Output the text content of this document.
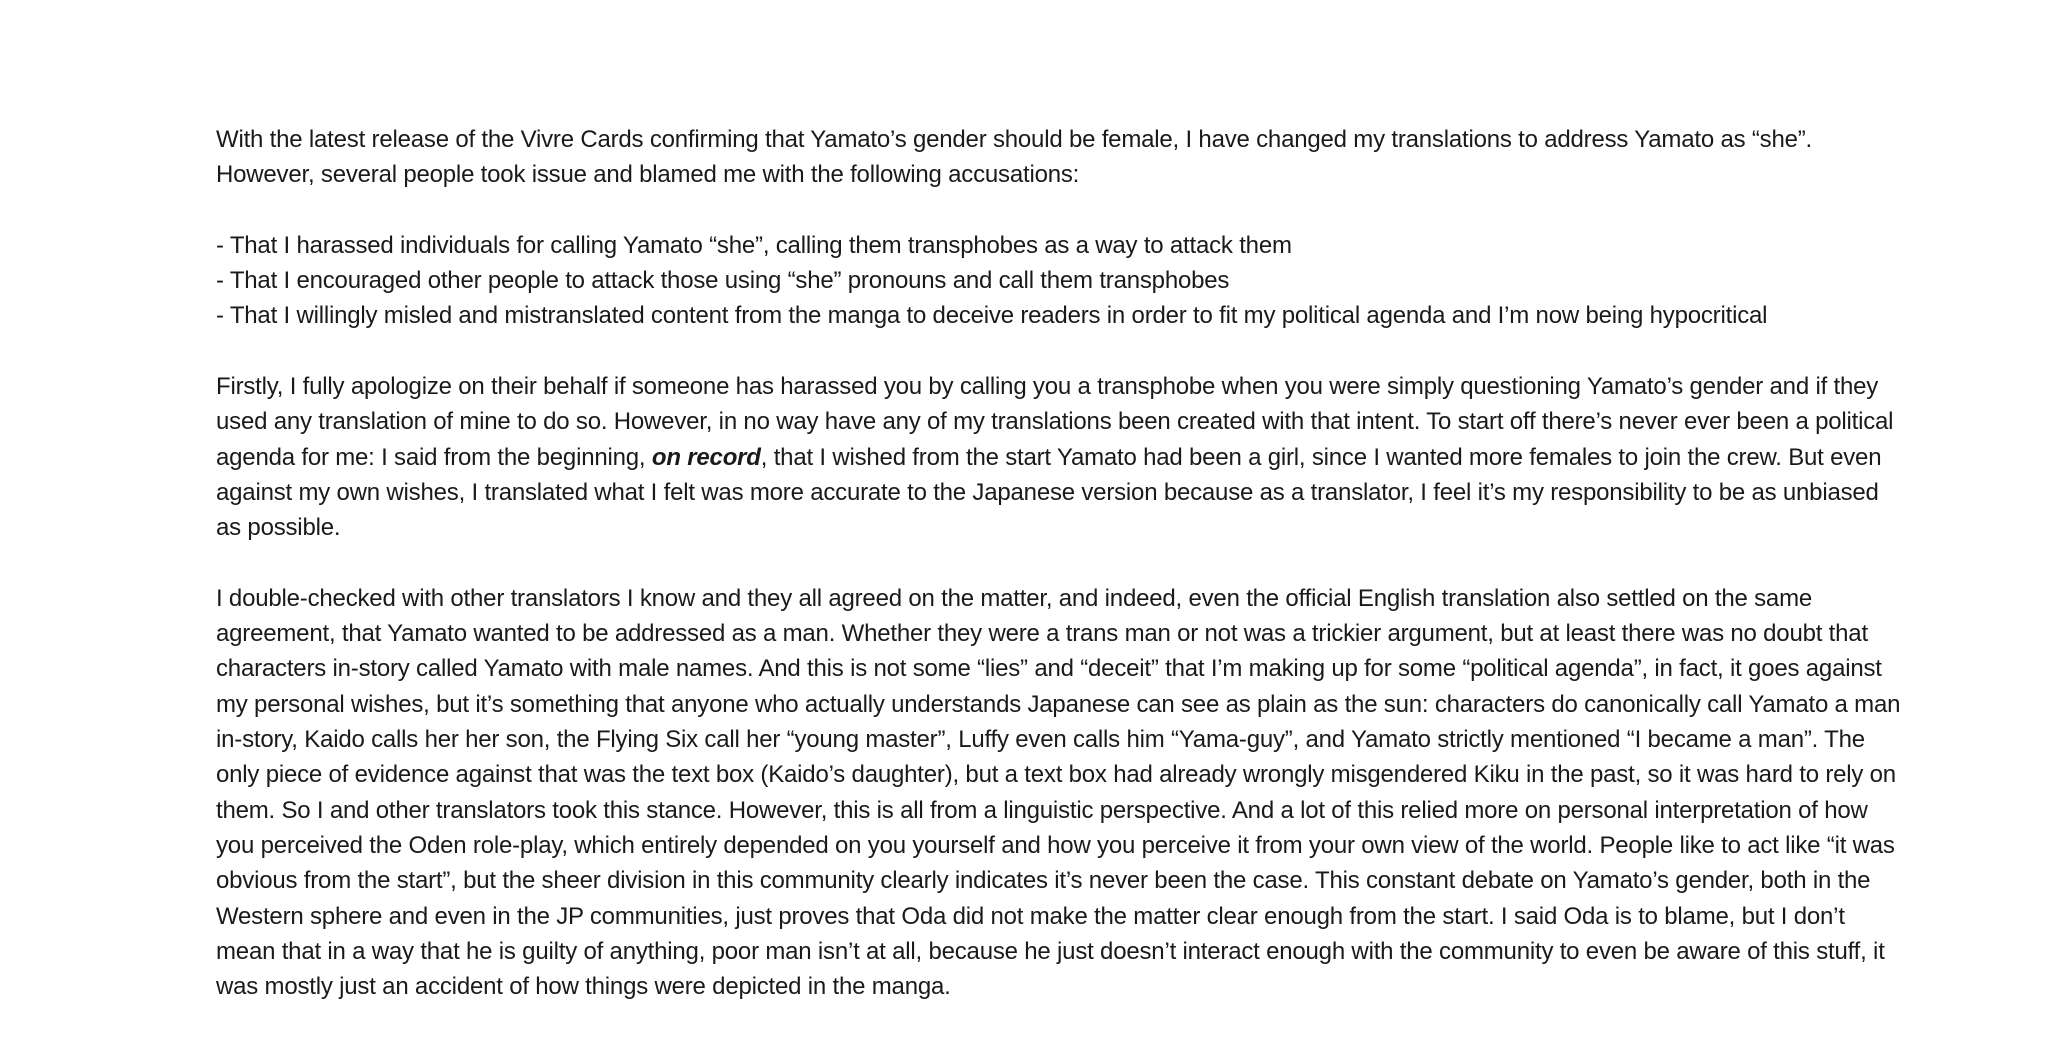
With the latest release of the Vivre Cards confirming that Yamato’s gender should be female, I have changed my translations to address Yamato as “she”. However, several people took issue and blamed me with the following accusations:

- That I harassed individuals for calling Yamato “she”, calling them transphobes as a way to attack them
- That I encouraged other people to attack those using “she” pronouns and call them transphobes
- That I willingly misled and mistranslated content from the manga to deceive readers in order to fit my political agenda and I’m now being hypocritical

Firstly, I fully apologize on their behalf if someone has harassed you by calling you a transphobe when you were simply questioning Yamato’s gender and if they used any translation of mine to do so. However, in no way have any of my translations been created with that intent. To start off there’s never ever been a political agenda for me: I said from the beginning, on record, that I wished from the start Yamato had been a girl, since I wanted more females to join the crew. But even against my own wishes, I translated what I felt was more accurate to the Japanese version because as a translator, I feel it’s my responsibility to be as unbiased as possible.

I double-checked with other translators I know and they all agreed on the matter, and indeed, even the official English translation also settled on the same agreement, that Yamato wanted to be addressed as a man. Whether they were a trans man or not was a trickier argument, but at least there was no doubt that characters in-story called Yamato with male names. And this is not some “lies” and “deceit” that I’m making up for some “political agenda”, in fact, it goes against my personal wishes, but it’s something that anyone who actually understands Japanese can see as plain as the sun: characters do canonically call Yamato a man in-story, Kaido calls her her son, the Flying Six call her “young master”, Luffy even calls him “Yama-guy”, and Yamato strictly mentioned “I became a man”. The only piece of evidence against that was the text box (Kaido’s daughter), but a text box had already wrongly misgendered Kiku in the past, so it was hard to rely on them. So I and other translators took this stance. However, this is all from a linguistic perspective. And a lot of this relied more on personal interpretation of how you perceived the Oden role-play, which entirely depended on you yourself and how you perceive it from your own view of the world. People like to act like “it was obvious from the start”, but the sheer division in this community clearly indicates it’s never been the case. This constant debate on Yamato’s gender, both in the Western sphere and even in the JP communities, just proves that Oda did not make the matter clear enough from the start. I said Oda is to blame, but I don’t mean that in a way that he is guilty of anything, poor man isn’t at all, because he just doesn’t interact enough with the community to even be aware of this stuff, it was mostly just an accident of how things were depicted in the manga.
